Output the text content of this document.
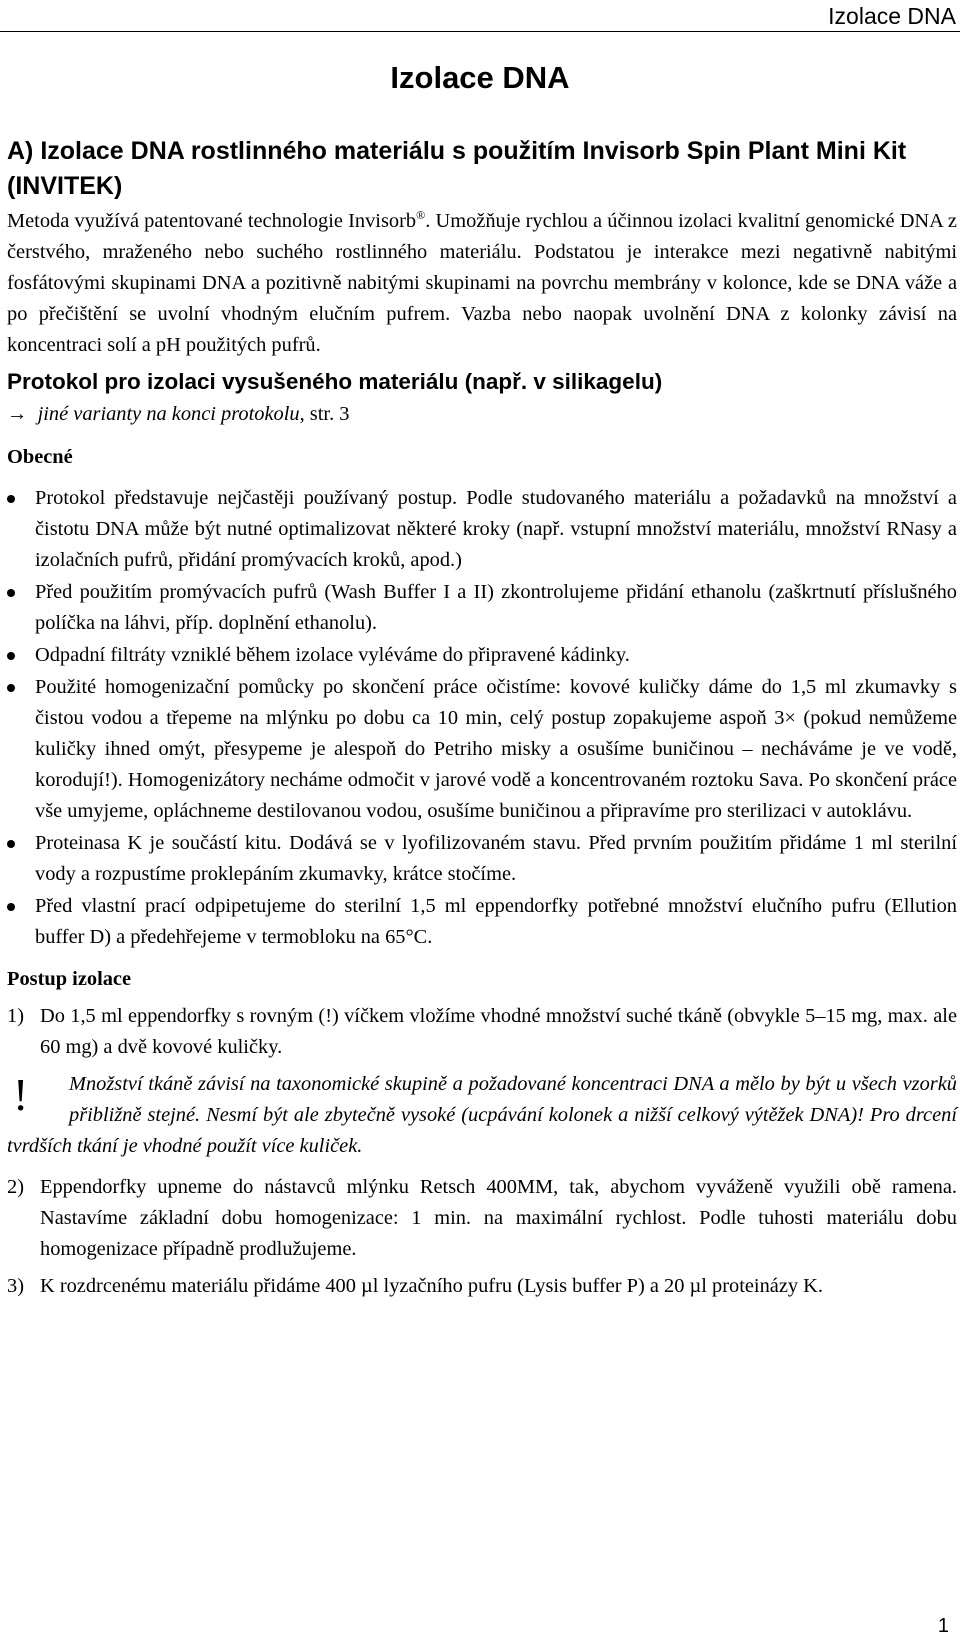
Izolace DNA
Izolace DNA
A) Izolace DNA rostlinného materiálu s použitím Invisorb Spin Plant Mini Kit (INVITEK)

Metoda využívá patentované technologie Invisorb®. Umožňuje rychlou a účinnou izolaci kvalitní genomické DNA z čerstvého, mraženého nebo suchého rostlinného materiálu. Podstatou je interakce mezi negativně nabitými fosfátovými skupinami DNA a pozitivně nabitými skupinami na povrchu membrány v kolonce, kde se DNA váže a po přečištění se uvolní vhodným elučním pufrem. Vazba nebo naopak uvolnění DNA z kolonky závisí na koncentraci solí a pH použitých pufrů.

Protokol pro izolaci vysušeného materiálu (např. v silikagelu)

→ jiné varianty na konci protokolu, str. 3

Obecné
Protokol představuje nejčastěji používaný postup. Podle studovaného materiálu a požadavků na množství a čistotu DNA může být nutné optimalizovat některé kroky (např. vstupní množství materiálu, množství RNasy a izolačních pufrů, přidání promývacích kroků, apod.)
Před použitím promývacích pufrů (Wash Buffer I a II) zkontrolujeme přidání ethanolu (zaškrtnutí příslušného políčka na láhvi, příp. doplnění ethanolu).
Odpadní filtráty vzniklé během izolace vyléváme do připravené kádinky.
Použité homogenizační pomůcky po skončení práce očistíme: kovové kuličky dáme do 1,5 ml zkumavky s čistou vodou a třepeme na mlýnku po dobu ca 10 min, celý postup zopakujeme aspoň 3× (pokud nemůžeme kuličky ihned omýt, přesypeme je alespoň do Petriho misky a osušíme buničinou – necháváme je ve vodě, korodují!). Homogenizátory necháme odmočit v jarové vodě a koncentrovaném roztoku Sava. Po skončení práce vše umyjeme, opláchneme destilovanou vodou, osušíme buničinou a připravíme pro sterilizaci v autoklávu.
Proteinasa K je součástí kitu. Dodává se v lyofilizovaném stavu. Před prvním použitím přidáme 1 ml sterilní vody a rozpustíme proklepáním zkumavky, krátce stočíme.
Před vlastní prací odpipetujeme do sterilní 1,5 ml eppendorfky potřebné množství elučního pufru (Ellution buffer D) a předehřejeme v termobloku na 65°C.
Postup izolace
1) Do 1,5 ml eppendorfky s rovným (!) víčkem vložíme vhodné množství suché tkáně (obvykle 5–15 mg, max. ale 60 mg) a dvě kovové kuličky.

!	Množství tkáně závisí na taxonomické skupině a požadované koncentraci DNA a mělo by být u všech vzorků přibližně stejné. Nesmí být ale zbytečně vysoké (ucpávání kolonek a nižší celkový výtěžek DNA)! Pro drcení tvrdších tkání je vhodné použít více kuliček.

2) Eppendorfky upneme do nástavců mlýnku Retsch 400MM, tak, abychom vyváženě využili obě ramena. Nastavíme základní dobu homogenizace: 1 min. na maximální rychlost. Podle tuhosti materiálu dobu homogenizace případně prodlužujeme.
3) K rozdrcenému materiálu přidáme 400 µl lyzačního pufru (Lysis buffer P) a 20 µl proteinázy K.
1
